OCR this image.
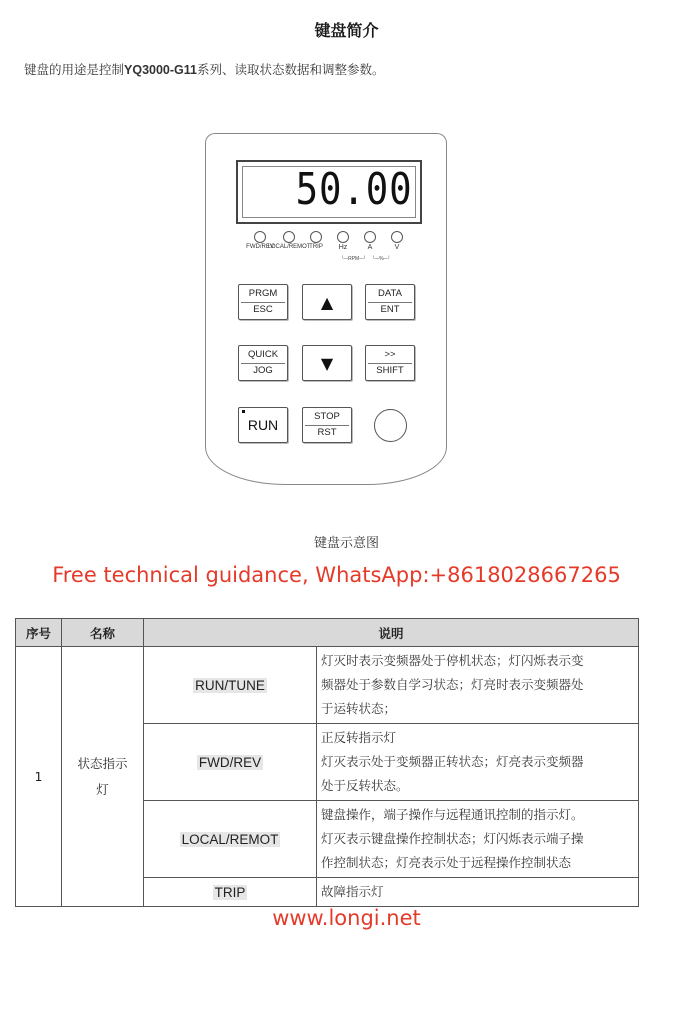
键盘简介
键盘的用途是控制YQ3000-G11系列、读取状态数据和调整参数。
50.00
FWD/REV
LOCAL/REMOT
TRIP Hz	A	V
└─RPM─┘ └─%─┘
PRGM
ESC	▲	DATA
ENT
QUICK
JOG	▼	>>
SHIFT
RUN
STOP
RST
键盘示意图
Free technical guidance, WhatsApp:+8618028667265
序号	名称	说明	
1	状态指示灯	RUN/TUNE	灯灭时表示变频器处于停机状态；灯闪烁表示变
频器处于参数自学习状态；灯亮时表示变频器处
于运转状态；

		FWD/REV	正反转指示灯
灯灭表示处于变频器正转状态；灯亮表示变频器
处于反转状态。

		LOCAL/REMOT	键盘操作，端子操作与远程通讯控制的指示灯。
灯灭表示键盘操作控制状态；灯闪烁表示端子操
作控制状态；灯亮表示处于远程操作控制状态

		TRIP	故障指示灯
www.longi.net
